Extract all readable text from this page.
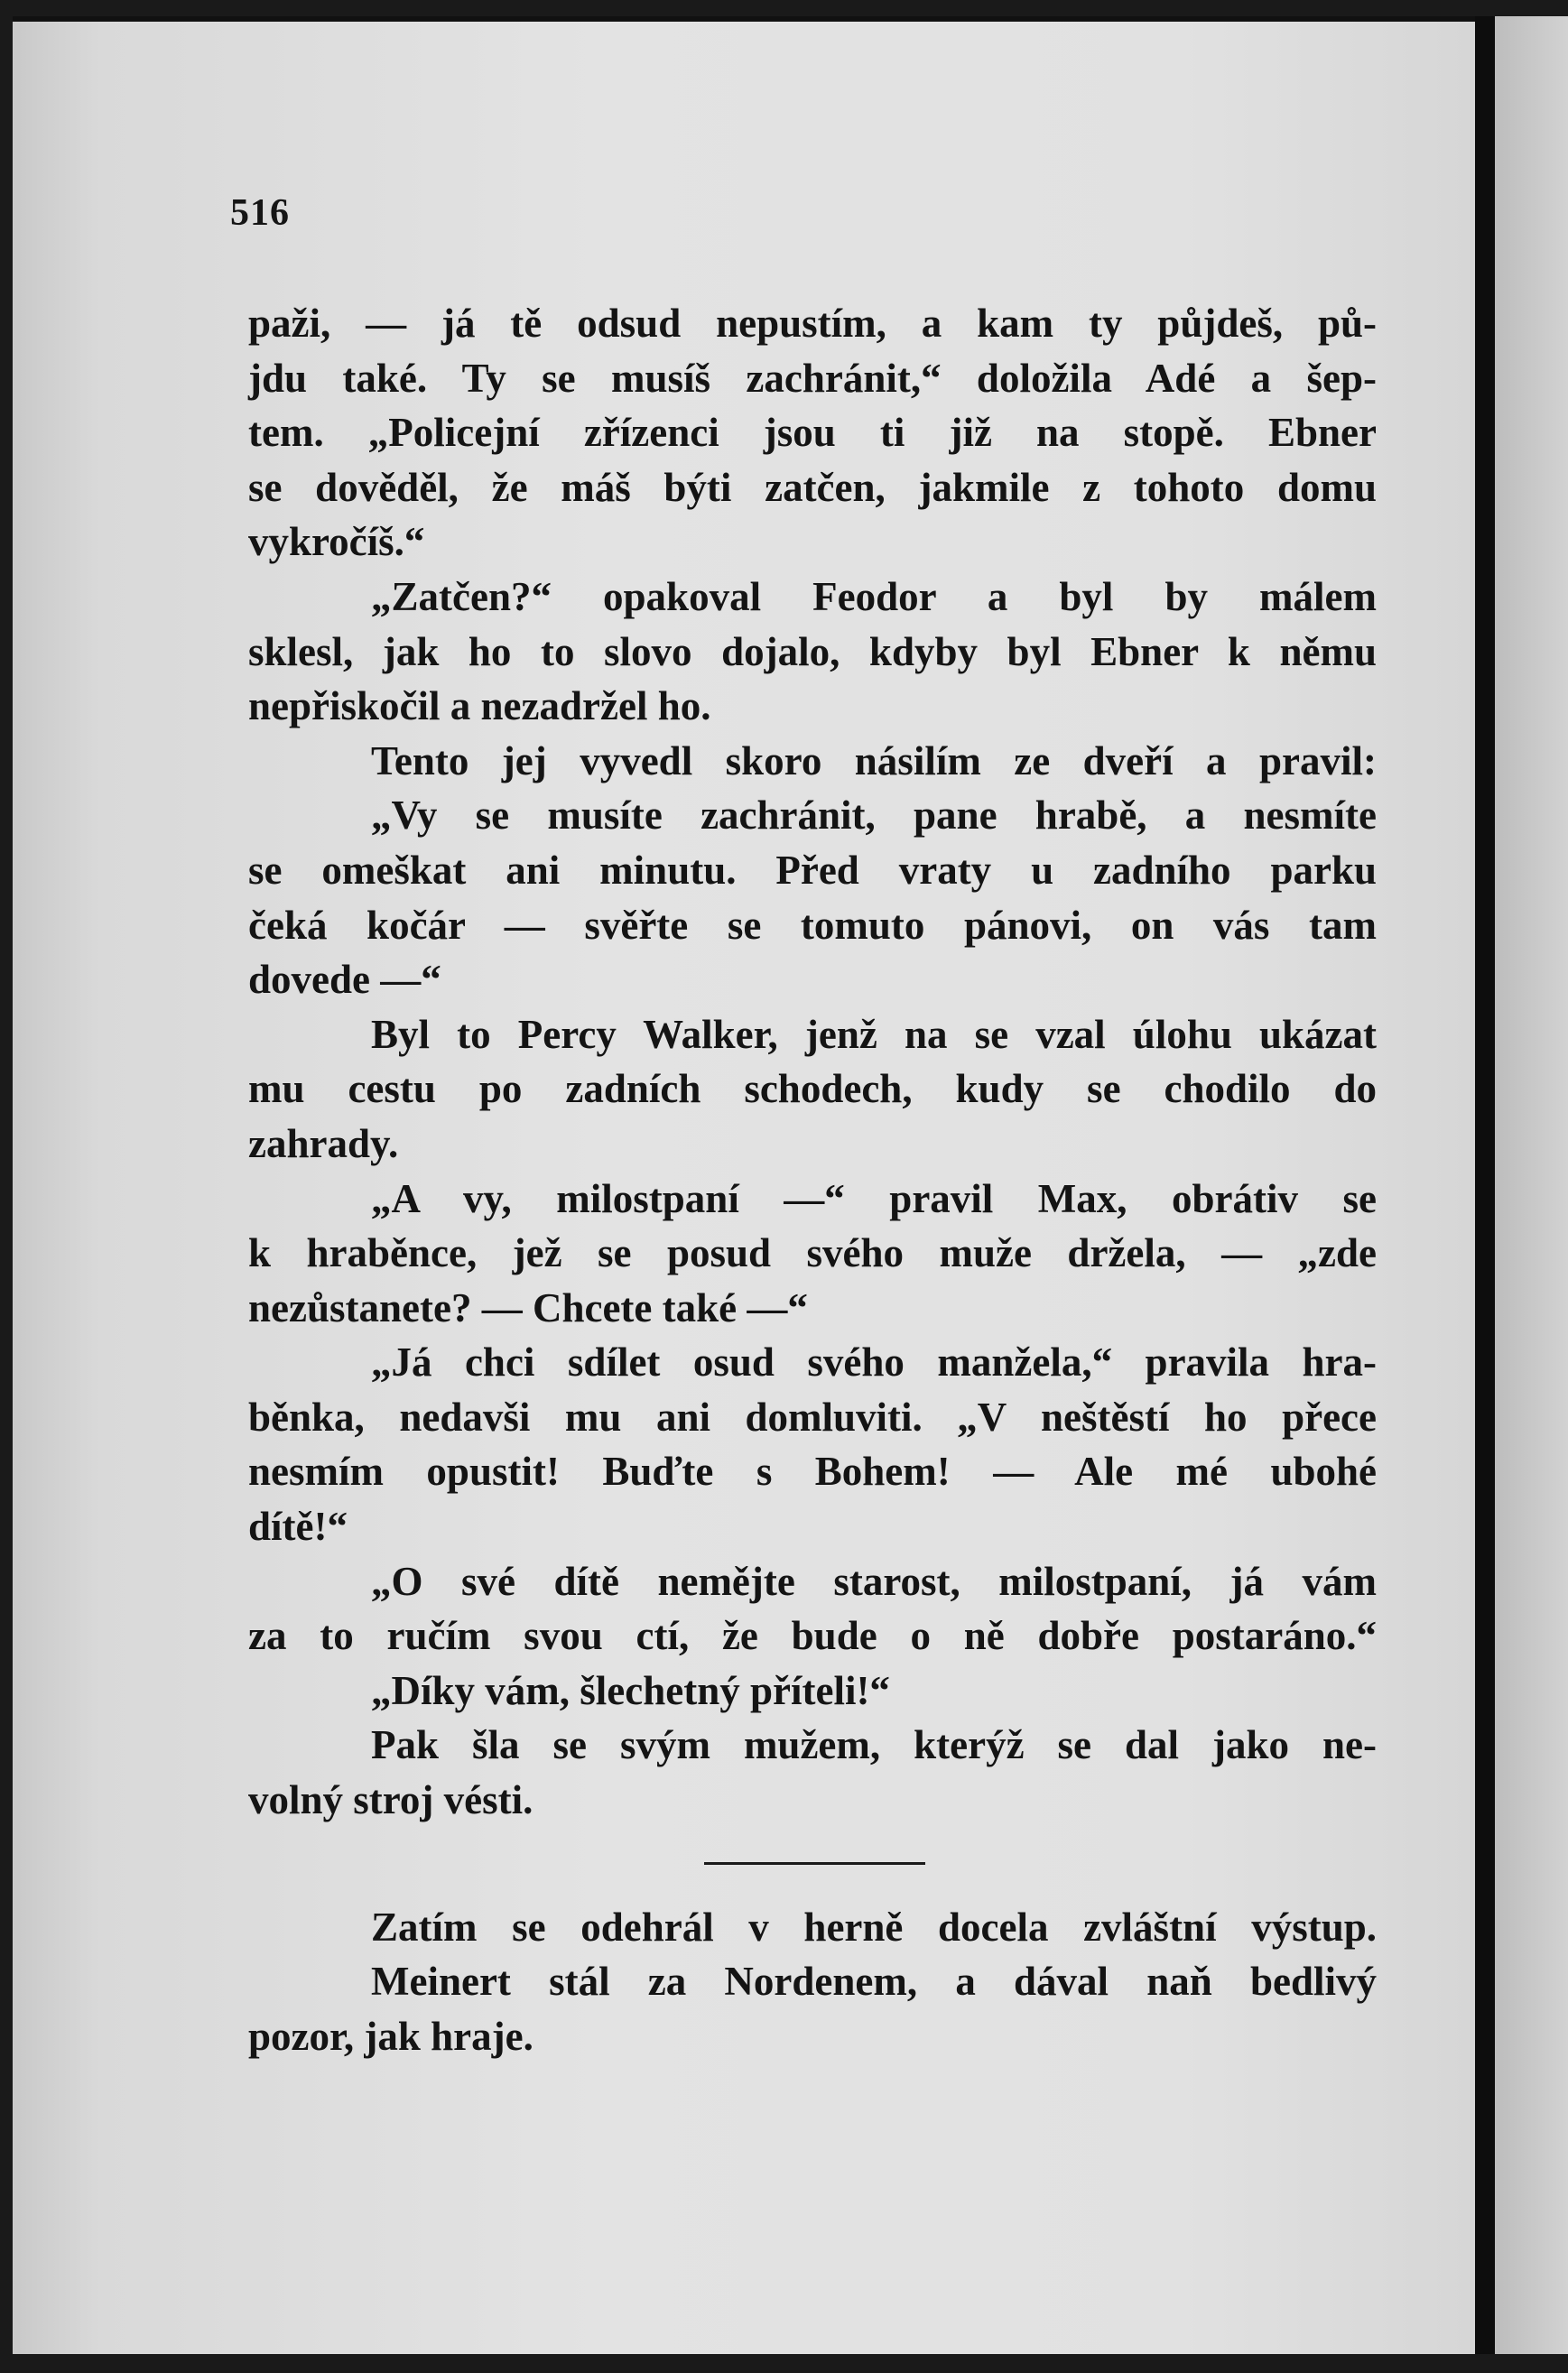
516
paži, — já tě odsud nepustím, a kam ty půjdeš, pů-
jdu také. Ty se musíš zachránit,“ doložila Adé a šep-
tem. „Policejní zřízenci jsou ti již na stopě. Ebner
se dověděl, že máš býti zatčen, jakmile z tohoto domu
vykročíš.“
„Zatčen?“ opakoval Feodor a byl by málem
sklesl, jak ho to slovo dojalo, kdyby byl Ebner k němu
nepřiskočil a nezadržel ho.
Tento jej vyvedl skoro násilím ze dveří a pravil:
„Vy se musíte zachránit, pane hrabě, a nesmíte
se omeškat ani minutu. Před vraty u zadního parku
čeká kočár — svěřte se tomuto pánovi, on vás tam
dovede —“
Byl to Percy Walker, jenž na se vzal úlohu ukázat
mu cestu po zadních schodech, kudy se chodilo do
zahrady.
„A vy, milostpaní —“ pravil Max, obrátiv se
k hraběnce, jež se posud svého muže držela, — „zde
nezůstanete? — Chcete také —“
„Já chci sdílet osud svého manžela,“ pravila hra-
běnka, nedavši mu ani domluviti. „V neštěstí ho přece
nesmím opustit! Buďte s Bohem! — Ale mé ubohé
dítě!“
„O své dítě nemějte starost, milostpaní, já vám
za to ručím svou ctí, že bude o ně dobře postaráno.“
„Díky vám, šlechetný příteli!“
Pak šla se svým mužem, kterýž se dal jako ne-
volný stroj vésti.
Zatím se odehrál v herně docela zvláštní výstup.
Meinert stál za Nordenem, a dával naň bedlivý
pozor, jak hraje.
